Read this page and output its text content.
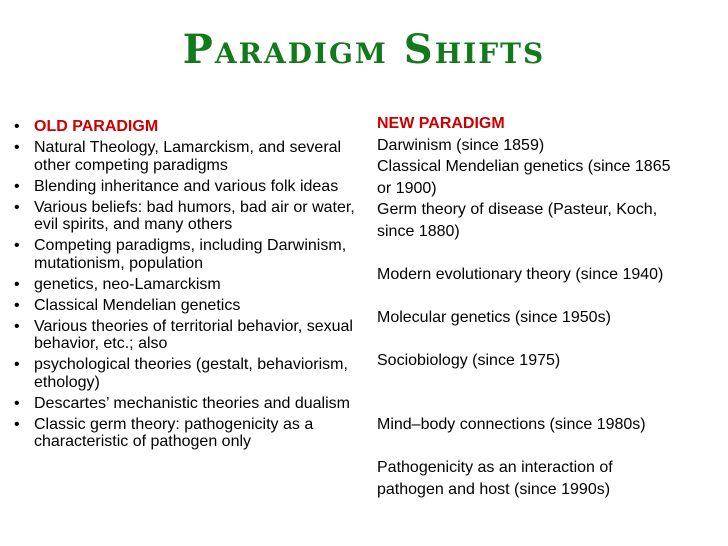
Paradigm Shifts
• OLD PARADIGM
• Natural Theology, Lamarckism, and several other competing paradigms
• Blending inheritance and various folk ideas
• Various beliefs: bad humors, bad air or water, evil spirits, and many others
• Competing paradigms, including Darwinism, mutationism, population
• genetics, neo-Lamarckism
• Classical Mendelian genetics
• Various theories of territorial behavior, sexual behavior, etc.; also
• psychological theories (gestalt, behaviorism, ethology)
• Descartes’ mechanistic theories and dualism
• Classic germ theory: pathogenicity as a characteristic of pathogen only
NEW PARADIGM
Darwinism (since 1859)
Classical Mendelian genetics (since 1865
or 1900)
Germ theory of disease (Pasteur, Koch,
since 1880)
Modern evolutionary theory (since 1940)
Molecular genetics (since 1950s)
Sociobiology (since 1975)
Mind–body connections (since 1980s)
Pathogenicity as an interaction of
pathogen and host (since 1990s)
